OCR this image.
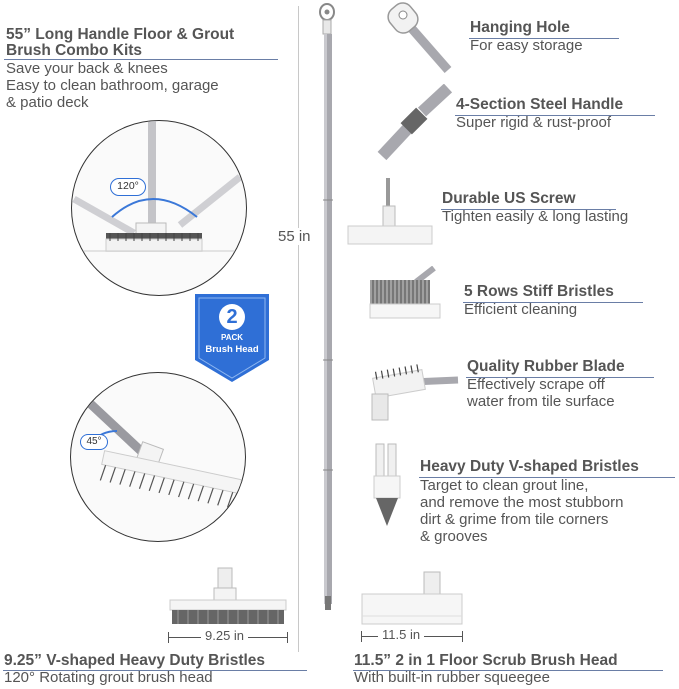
55” Long Handle Floor & Grout
Brush Combo Kits
Save your back & knees
Easy to clean bathroom, garage
& patio deck
120°
2
PACK
Brush Head
45°
55 in
Hanging Hole
For easy storage
4-Section Steel Handle
Super rigid & rust-proof
Durable US Screw
Tighten easily & long lasting
5 Rows Stiff Bristles
Efficient cleaning
Quality Rubber Blade
Effectively scrape off
water from tile surface
Heavy Duty V-shaped Bristles
Target to clean grout line,
and remove the most stubborn
dirt & grime from tile corners
& grooves
9.25 in
9.25” V-shaped Heavy Duty Bristles
120° Rotating grout brush head
11.5 in
11.5” 2 in 1 Floor Scrub Brush Head
With built-in rubber squeegee
